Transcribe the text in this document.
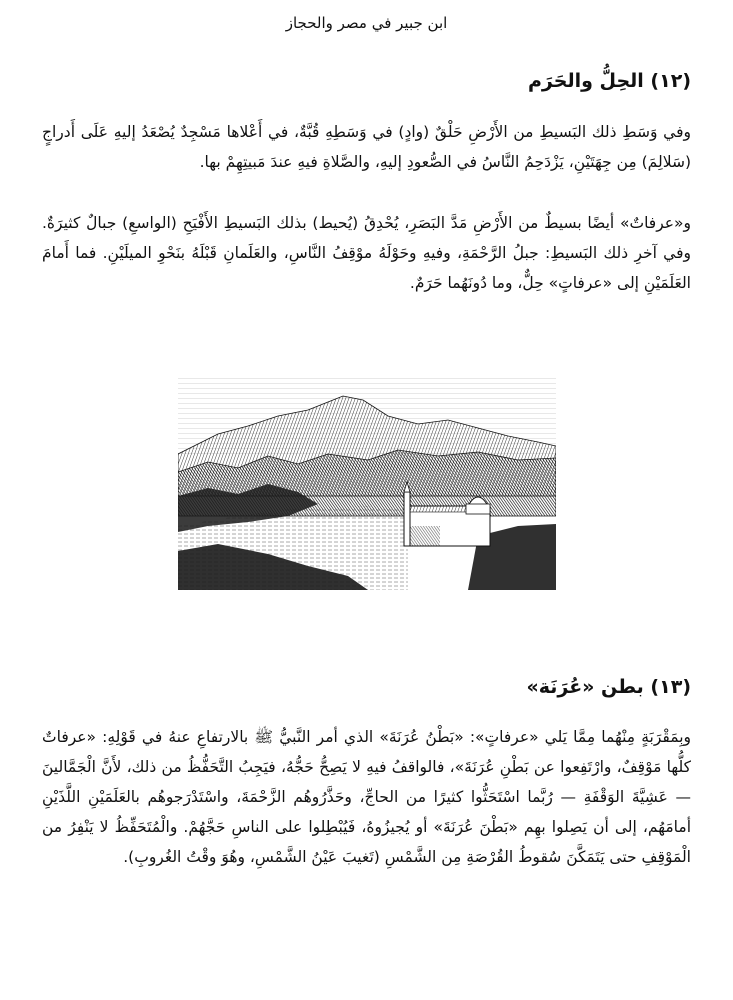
ابن جبير في مصر والحجاز
(١٢) الحِلُّ والحَرَم
وفي وَسَطِ ذلك البَسيطِ من الأَرْضِ حَلْقٌ (وادٍ) في وَسَطِهِ قُبَّةٌ، في أَعْلاها مَسْجِدٌ يُصْعَدُ إليهِ عَلَى أَدراجٍ (سَلالِمَ) مِن جِهَتَيْنِ، يَزْدَحِمُ النَّاسُ في الصُّعودِ إليهِ، والصَّلاةِ فيهِ عندَ مَبيتِهِمْ بها.
و«عرفاتٌ» أيضًا بسيطٌ من الأَرْضِ مَدَّ البَصَرِ، يُحْدِقُ (يُحيط) بذلك البَسيطِ الأَفْيَحِ (الواسعِ) جبالٌ كثيرَةٌ. وفي آخرِ ذلك البَسيطِ: جبلُ الرَّحْمَةِ، وفيهِ وحَوْلَهُ موْقِفُ النَّاسِ، والعَلَمانِ قَبْلَهُ بنَحْوِ الميلَيْنِ. فما أَمامَ العَلَمَيْنِ إلى «عرفاتٍ» حِلٌّ، وما دُونَهُما حَرَمٌ.
(١٣) بطن «عُرَنَة»
وبِمَقْرَبَةٍ مِنْهُما مِمَّا يَلي «عرفاتٍ»: «بَطْنُ عُرَنَةَ» الذي أمر النَّبيُّ ﷺ بالارتفاعِ عنهُ في قَوْلِهِ: «عرفاتٌ كلُّها مَوْقِفٌ، وارْتَفِعوا عن بَطْنِ عُرَنَةَ»، فالواقفُ فيهِ لا يَصِحُّ حَجُّهُ، فيَجِبُ التَّحَفُّظُ من ذلك، لأَنَّ الْجَمَّالينَ — عَشِيَّةَ الوَقْفَةِ — رُبَّما اسْتَحَثُّوا كثيرًا من الحاجِّ، وحَذَّرُوهُم الزَّحْمَةَ، واسْتَدْرَجوهُم بالعَلَمَيْنِ اللَّذَيْنِ أمامَهُم، إلى أن يَصِلوا بهِم «بَطْنَ عُرَنَةَ» أو يُجيزُوهُ، فَيُبْطِلوا على الناسِ حَجَّهُمْ. والْمُتَحَفِّظُ لا يَنْفِرُ من الْمَوْقِفِ حتى يَتَمَكَّنَ سُقوطُ القُرْصَةِ مِن الشَّمْسِ (تَغيبَ عَيْنُ الشَّمْسِ، وهُوَ وقْتُ الغُروبِ).
